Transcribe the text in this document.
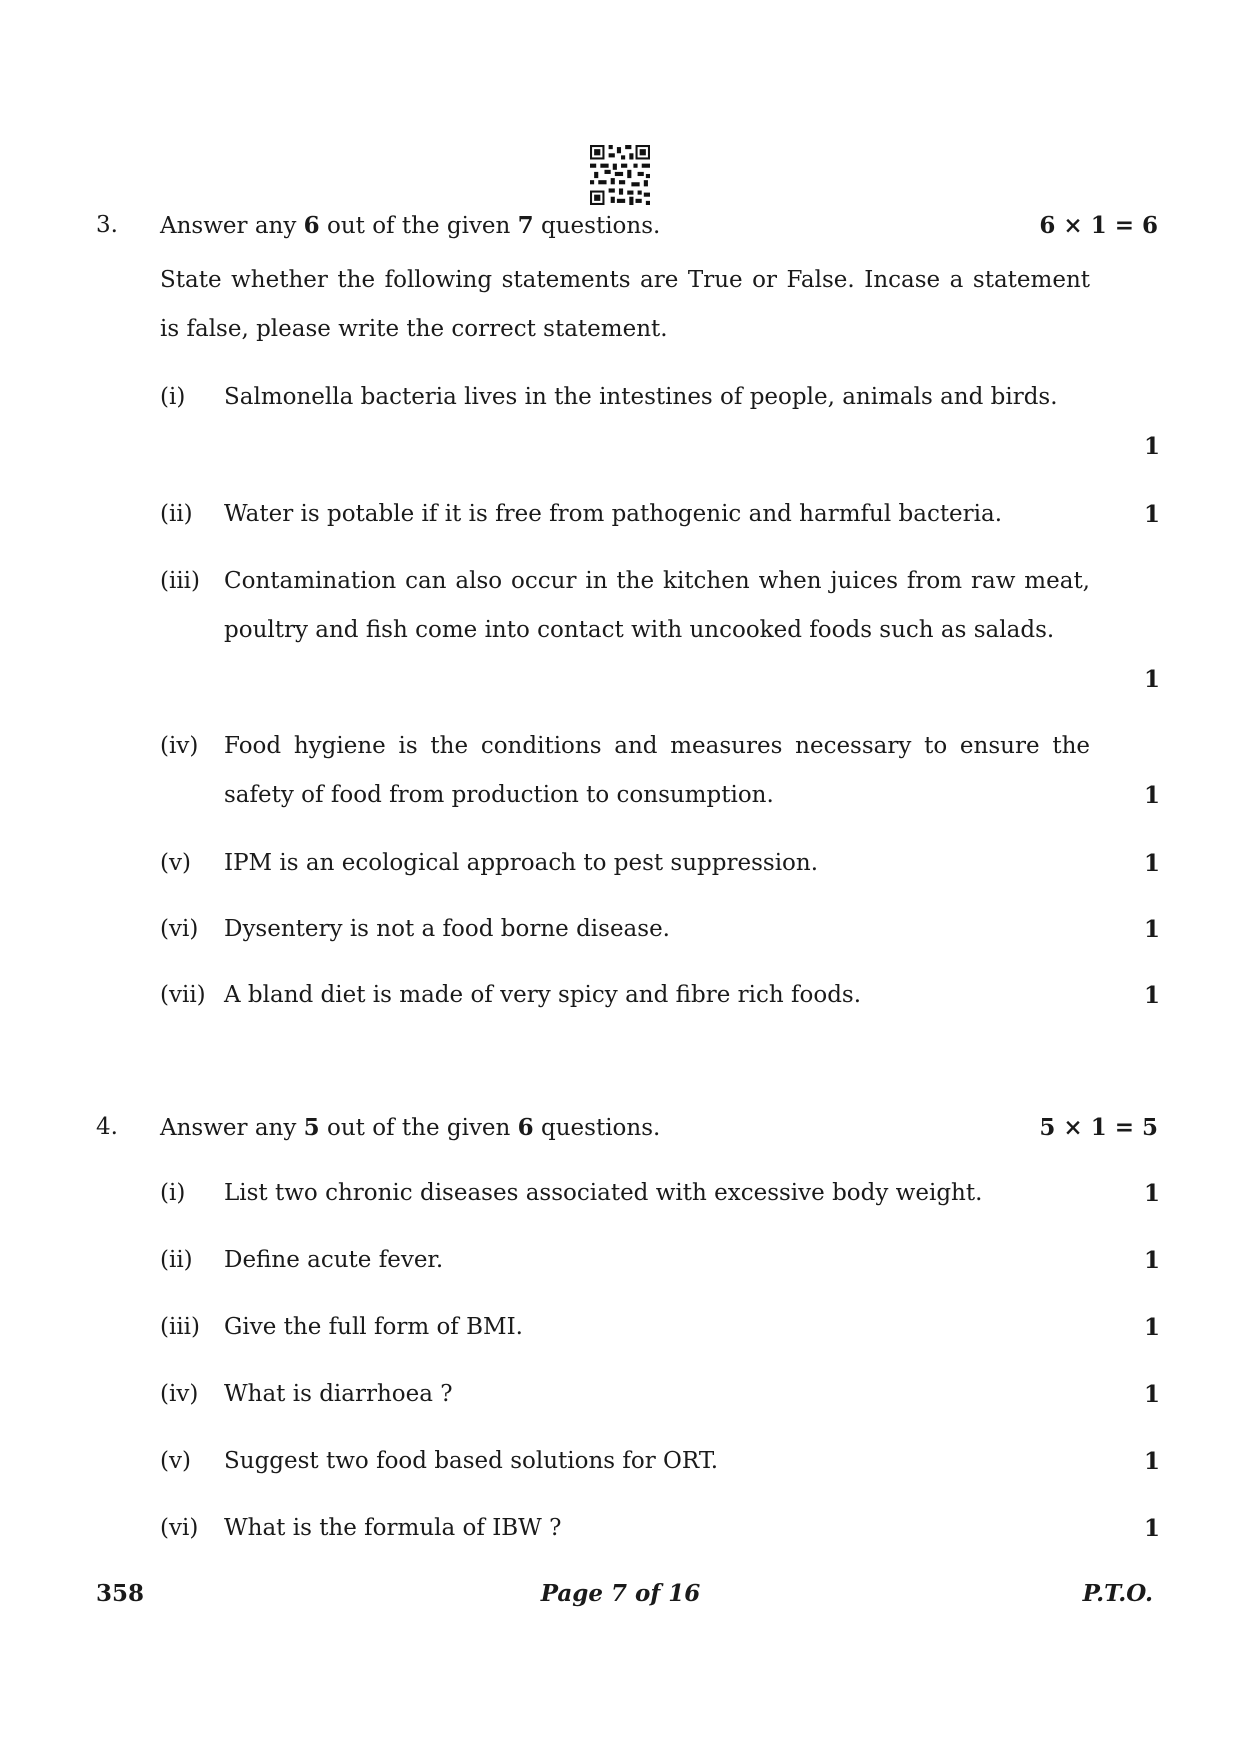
3. Answer any 6 out of the given 7 questions.	6 × 1 = 6
State whether the following statements are True or False. Incase a statement is false, please write the correct statement.
(i) Salmonella bacteria lives in the intestines of people, animals and birds.
1
(ii) Water is potable if it is free from pathogenic and harmful bacteria.	1
(iii) Contamination can also occur in the kitchen when juices from raw meat, poultry and fish come into contact with uncooked foods such as salads.
1
(iv) Food hygiene is the conditions and measures necessary to ensure the safety of food from production to consumption.	1
(v) IPM is an ecological approach to pest suppression.	1
(vi) Dysentery is not a food borne disease.	1
(vii) A bland diet is made of very spicy and fibre rich foods.	1
4. Answer any 5 out of the given 6 questions.	5 × 1 = 5
(i) List two chronic diseases associated with excessive body weight.	1
(ii) Define acute fever.	1
(iii) Give the full form of BMI.	1
(iv) What is diarrhoea ?	1
(v) Suggest two food based solutions for ORT.	1
(vi) What is the formula of IBW ?	1
358	Page 7 of 16	P.T.O.
